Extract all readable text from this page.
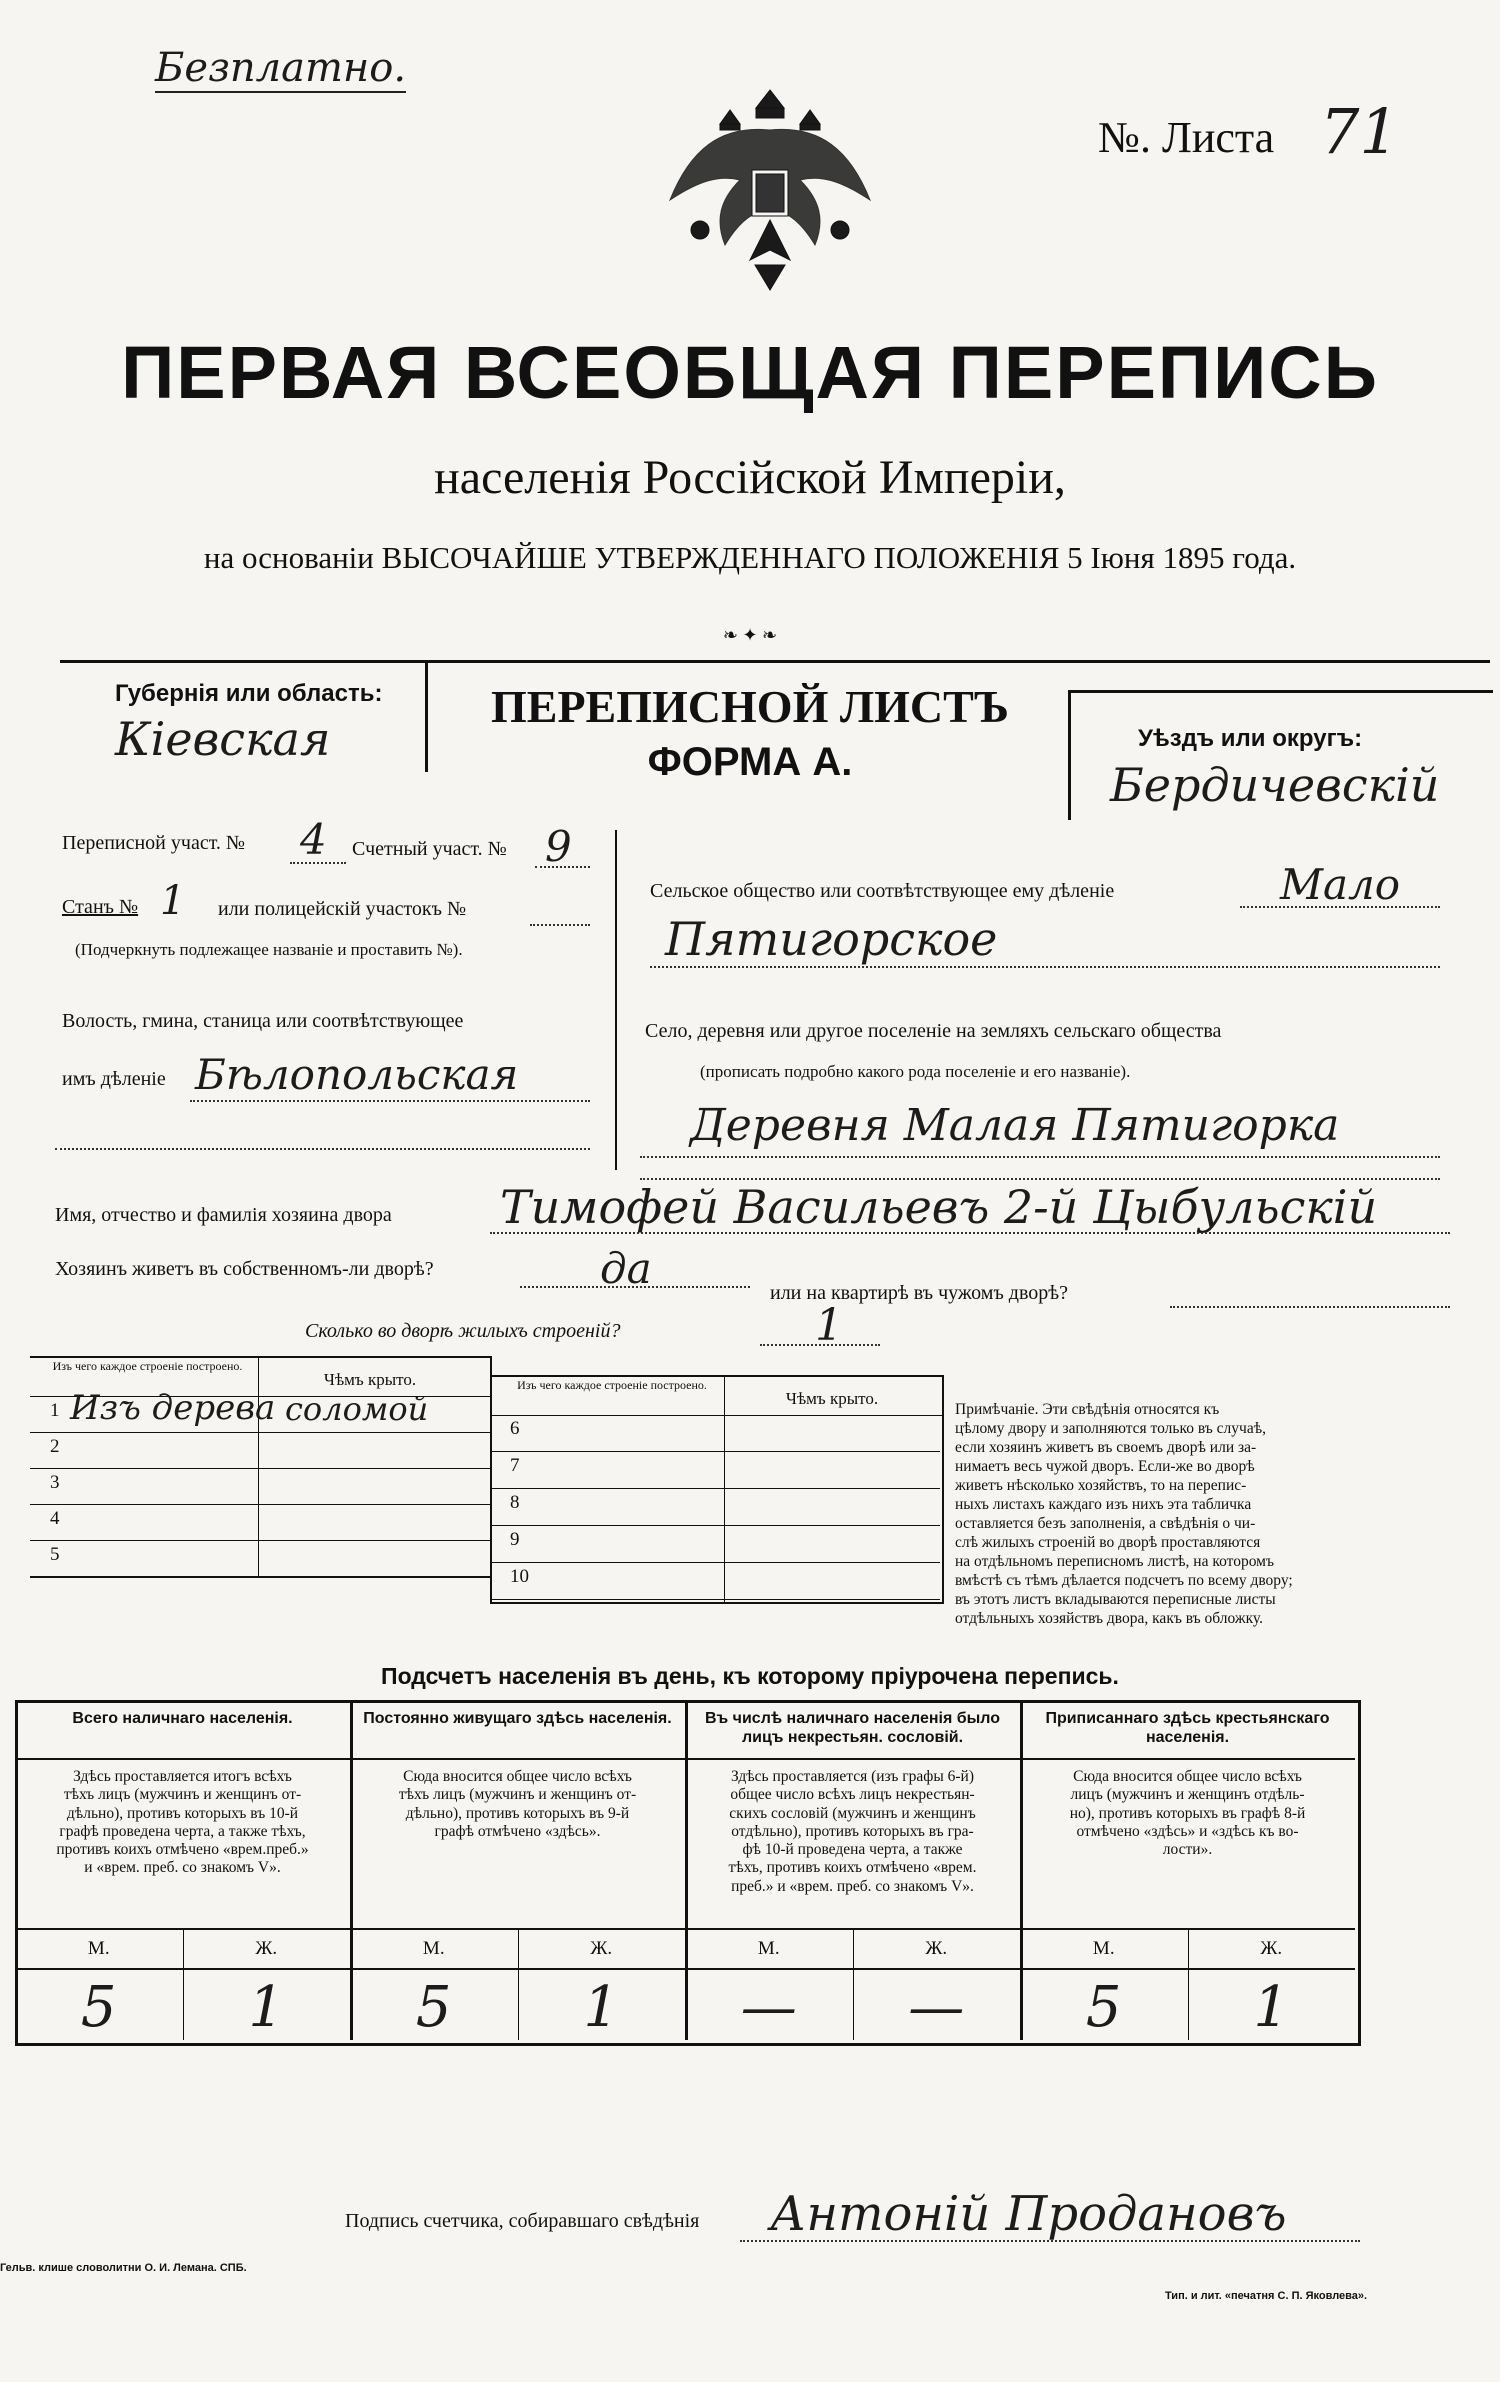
Безплатно.
№. Листа 71
ПЕРВАЯ ВСЕОБЩАЯ ПЕРЕПИСЬ
населенія Россійской Имперіи,
на основаніи ВЫСОЧАЙШЕ УТВЕРЖДЕННАГО ПОЛОЖЕНІЯ 5 Іюня 1895 года.
❧ ✦ ❧
Губернія или область:
Кіевская
ПЕРЕПИСНОЙ ЛИСТЪ
ФОРМА А.
Уѣздъ или округъ:
Бердичевскій
Переписной участ. № 4 Счетный участ. № 9
Станъ № 1 или полицейскій участокъ №
(Подчеркнуть подлежащее названіе и проставить №).
Волость, гмина, станица или соотвѣтствующее
имъ дѣленіе Бѣлопольская
Сельское общество или соотвѣтствующее ему дѣленіе	Мало
Пятигорское
Село, деревня или другое поселеніе на земляхъ сельскаго общества
(прописать подробно какого рода поселеніе и его названіе).
Деревня Малая Пятигорка
Имя, отчество и фамилія хозяина двора Тимофей Васильевъ 2-й Цыбульскій
Хозяинъ живетъ въ собственномъ-ли дворѣ?	да	или на квартирѣ въ чужомъ дворѣ?
Сколько во дворѣ жилыхъ строеній?	1
Изъ чего каждое строеніе построено.
Чѣмъ крыто.	Изъ чего каждое строеніе построено.
Чѣмъ крыто.
1 Изъ дерева соломой
2
3
4
5
6
7
8
9
10
Примѣчаніе. Эти свѣдѣнія относятся къ
цѣлому двору и заполняются только въ случаѣ,
если хозяинъ живетъ въ своемъ дворѣ или за-
нимаетъ весь чужой дворъ. Если-же во дворѣ
живетъ нѣсколько хозяйствъ, то на перепис-
ныхъ листахъ каждаго изъ нихъ эта табличка
оставляется безъ заполненія, а свѣдѣнія о чи-
слѣ жилыхъ строеній во дворѣ проставляются
на отдѣльномъ переписномъ листѣ, на которомъ
вмѣстѣ съ тѣмъ дѣлается подсчетъ по всему двору;
въ этотъ листъ вкладываются переписные листы
отдѣльныхъ хозяйствъ двора, какъ въ обложку.
Подсчетъ населенія въ день, къ которому пріурочена перепись.
Всего наличнаго населенія.
Здѣсь проставляется итогъ всѣхъ
тѣхъ лицъ (мужчинъ и женщинъ от-
дѣльно), противъ которыхъ въ 10-й
графѣ проведена черта, а также тѣхъ,
противъ коихъ отмѣчено «врем.преб.»
и «врем. преб. со знакомъ V».
М.
5
Ж.
1
Постоянно живущаго здѣсь населенія.
Сюда вносится общее число всѣхъ
тѣхъ лицъ (мужчинъ и женщинъ от-
дѣльно), противъ которыхъ въ 9-й
графѣ отмѣчено «здѣсь».
М.
5
Ж.
1
Въ числѣ наличнаго населенія было лицъ некрестьян. сословій.
Здѣсь проставляется (изъ графы 6-й)
общее число всѣхъ лицъ некрестьян-
скихъ сословій (мужчинъ и женщинъ
отдѣльно), противъ которыхъ въ гра-
фѣ 10-й проведена черта, а также
тѣхъ, противъ коихъ отмѣчено «врем.
преб.» и «врем. преб. со знакомъ V».
М.
—
Ж.
—
Приписаннаго здѣсь крестьянскаго населенія.
Сюда вносится общее число всѣхъ
лицъ (мужчинъ и женщинъ отдѣль-
но), противъ которыхъ въ графѣ 8-й
отмѣчено «здѣсь» и «здѣсь къ во-
лости».
М.
5
Ж.
1
Подпись счетчика, собиравшаго свѣдѣнія Антоній Продановъ
Гельв. клише словолитни О. И. Лемана. СПБ.
Тип. и лит. «печатня С. П. Яковлева».
